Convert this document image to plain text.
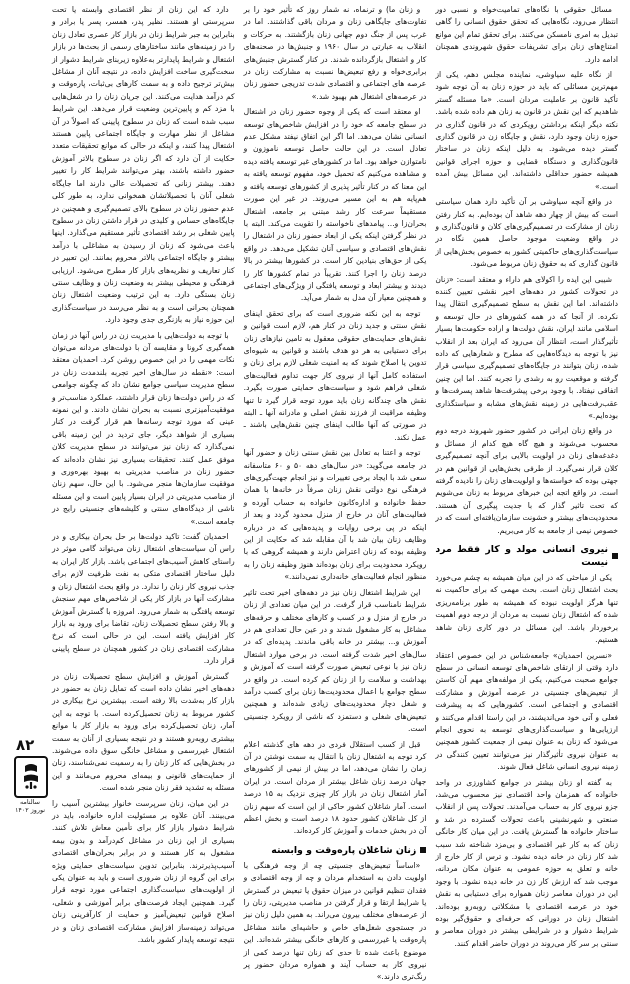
۸۲
سالنامه نوروز ۱۴۰۲

مسائل حقوقی با نگاه‌های تمامیت‌خواه و نسبی دور انتظار می‌رود، نگاه‌هایی که تحقق حقوق انسانی را گاهی تبدیل به امری نامسکن می‌کنند. برای تحقق تمام این موانع امتناع‌های زنان برای تشریفات حقوق شهروندی همچنان ادامه دارد.

از نگاه علیه سیاوشی، نماینده مجلس دهم، یکی از مهم‌ترین مسائلی که باید در حوزه زنان به آن توجه شود تأکید قانون بر عاملیت مردان است. «ما مسئله گستر شاهدیم که این نقش در قانون به زنان هم داده شده باشد. نکته دیگر اینکه برداشتن رویکردی که در قانون گذاری در حوزه زنان وجود دارد، نقش و جایگاه زن در قانون گذاری گستر دیده می‌شود. به دلیل اینکه زنان در ساختار قانون‌گذاری و دستگاه قضایی و حوزه اجرای قوانین همیشه حضور حداقلی داشته‌اند. این مسائل بیش آمده است.»

در واقع آنچه سیاوشی بر آن تأکید دارد همان سیاستی است که بیش از چهار دهه شاهد آن بوده‌ایم. به کنار رفتن زنان از مشارکت در تصمیم‌گیری‌های کلان و قانون‌گذاری و در واقع وضعیت موجود حاصل همین نگاه در سیاست‌گذاری‌های حاکمیتی کشور به خصوص بخش‌هایی از قانون گذاری که به حقوق زنان مربوط می‌شود.

شیبی این ایده را اکولای هم داراء و معتقد است: «زنان در تحولات کشور در دهه‌های اخیر نقشی تعیین کننده داشته‌اند. اما این نقش به سطح تصمیم‌گیری انتقال پیدا نکرده. از آنجا که در همه کشورهای در حال توسعه و اسلامی مانند ایران، نقش دولت‌ها و اراده حکومت‌ها بسیار تأثیرگذار است، انتظار آن می‌رود که ایران بعد از انقلاب نیز با توجه به دیدگاه‌هایی که مطرح و شعارهایی که داده شده، زنان بتوانند در جایگاه‌های تصمیم‌گیری سیاسی قرار گرفته و موقعیت رو به رشدی را تجربه کنند. اما این چنین اتفاقی نیفتاد. با وجود برخی پیشرفت‌ها شاهد پسرفت‌ها و عقب‌رفت‌هایی در زمینه نقش‌های مشابه و سیاستگذاری بوده‌ایم.»

در واقع زنان ایرانی در کشور حضور شهروند درجه دوم محسوب می‌شوند و هیچ گاه هیچ کدام از مسائل و دغدغه‌های زنان در اولویت بالایی برای آنچه تصمیم‌گیری کلان قرار نمی‌گیرد. از طرفی بخش‌هایی از قوانین هم در جهتی بوده که خواسته‌ها و اولویت‌های زنان را نادیده گرفته است. در واقع اتجه این خبرهای مربوط به زنان می‌شویم که تحت تاثیر گذار که با جدیت پیگیری آن هستند. محدودیت‌های بیشتر و خشونت سازمان‌یافته‌ای است که در خصوص نیمی از جامعه به کار می‌بریم.

نیروی انسانی مولد و کار فقط مرد نیست

یکی از مباحثی که در این میان همیشه به چشم می‌خورد بحث اشتغال زنان است. بحث مهمی که برای حاکمیت نه تنها هرگز اولویت نبوده که همیشه به طور برنامه‌ریزی شده که اشتغال زنان نسبت به مردان از درجه دوم اهمیت برخوردار باشد. این مسائل در دور کاری زنان شاهد هستیم.

«نسرین احمدیان» جامعه‌شناس در این خصوص اعتقاد دارد وقتی از ارتقای شاخص‌های توسعه انسانی در سطح جوامع صحبت می‌کنیم، یکی از مولفه‌های مهم آن کاستن از تبعیض‌های جنسیتی در عرصه آموزش و مشارکت اقتصادی و اجتماعی است. کشورهایی که به پیشرفت فعلی و آتی خود می‌اندیشند، در این راستا اقدام می‌کنند و ارزیابی‌ها و سیاست‌گذاری‌های توسعه به نحوی انجام می‌شود که زنان به عنوان نیمی از جمعیت کشور همچنین به عنوان نیروی تأثیرگذار نیز می‌توانند تعیین کنندگی در زمینه نیروی انسانی شاغل فعال شوند.

به گفته او زنان بیشتر در جوامع کشاورزی در واحد خانواده که همزمان واحد اقتصادی نیز محسوب می‌شد، جزو نیروی کار به حساب می‌آمدند. تحولات پس از انقلاب صنعتی و شهرنشینی باعث تحولات گسترده در شد و ساختار خانواده ها گسترش یافت. در این میان کار خانگی زنان که به کار غیر اقتصادی و بی‌مزد شناخته شد سبب شد کار زنان در خانه دیده نشود. و ترس از کار خارج از خانه و تعلق به حوزه عمومی به عنوان مکان مردانه، موجب شد که ارزش کار زن در خانه دیده نشود. با وجود این در دوران معاصر زنان همواره برای دستیابی به نقش خود در عرصه اقتصادی با مشکلاتی روبه‌رو بوده‌اند. اشتغال زنان در دورانی که حرفه‌ای و حقوق‌گیر بوده شرایط دشوار و در شرایطی بیشتر در دوران معاصر و سنتی بر سر کار می‌روند در دوران حاضر اقدام کنند.

و زنان ما) و ترنماه، نه شمار روز که تأثیر خود را بر تفاوت‌های جایگاهی زنان و مردان باقی گذاشتند. اما در غرب پس از جنگ دوم جهانی زنان بازگشتند. به حرکات و انقلاب به عبارتی در سال ۱۹۶۰ و جنبش‌ها در صحنه‌های کار و اشتغال بازگردانده شدند. در کنار گسترش جنبش‌های برابری‌خواه و رفع تبعیض‌ها نسبت به مشارکت زنان در عرصه های اجتماعی و اقتصادی شدت تدریجی حضور زنان در عرصه‌های اشتغال هم بهبود شد.»

او معتقد است که یکی از وجوه حضور زنان در اشتغال در سطح جامعه که خود را در افزایش شاخص‌های توسعه انسانی نشان می‌دهد. اما اگر این اتفاق نیفتد مشکل عدم تعادل است. در این حالت حاصل توسعه ناموزون و نامتوازن خواهد بود. اما در کشورهای غیر توسعه یافته دیده و مشاهده می‌کنیم که تحمیل خود، مفهوم توسعه یافته به این معنا که در کنار تأثیر پذیری از کشورهای توسعه یافته و هم‌پایه هم به این مسیر می‌روند. در غیر این صورت مستقیماً سرعت کار رشد مبتنی بر جامعه، اشتغال بحران‌زا و... پیامدهای ناخواسته را تقویت می‌کند. البته با در نظر گرفتن اینکه یکی از ابعاد حضور زنان در اشتغال را نقش‌های اقتصادی و سیاسی آنان تشکیل می‌دهد. در واقع یکی از حق‌های بنیادین کار است. در کشورها بیشتر در بالا درصد زنان را اجرا کنند. تقریباً در تمام کشورها کار را دیدند و بیشتر ابعاد و توسعه یافتگی از ویژگی‌های اجتماعی و همچنین معیار آن مدل به شمار می‌آید.

توجه به این نکته ضروری است که برای تحقق اینفای نقش سنتی و جدید زنان در کنار هم، لازم است قوانین و نقش‌های حمایت‌های حقوقی معقول به تامین نیازهای زنان برای دستیابی به هر دو هدف باشند و قوانین به شیوه‌ای تدوین یا اصلاح شوند که به امنیت شغلی لازم برای زنان و استفاده کامل آنها از نیروی کار جهت تداوم فعالیت‌های شغلی فراهم شود و سیاست‌های حمایتی صورت بگیرد. نقش های چندگانه زنان باید مورد توجه قرار گیرد تا تنها وظیفه مراقبت از فرزند نقش اصلی و مادرانه آنها ـ البته در صورتی که آنها طالب اینفای چنین نقش‌هایی باشند ـ عمل نکند.

توجه و اعتنا به تعادل بین نقش سنتی زنان و حضور آنها در جامعه می‌گوید: «در سال‌های دهه ۵۰ و ۶۰ متاسفانه سعی شد با ایجاد برخی تغییرات و نیز انجام جهت‌گیری‌های فرهنگی نوع دولتی نقش زنان صرفاً در خانه‌ها با همان حفظ خانواده و اداره‌کانون خانواده به حساب آورده و فعالیت‌های آنان در خارج از منزل محدود گردد و بعد از اینکه در پی برخی روایات و پدیده‌هایی که در درباره وظایف زنان بیان شد با آن مقابله شد که حکایت از این وظیفه بوده که زنان اعتراض دارند و همیشه گروهی که با رویکرد محدودیت برای زنان بوده‌اند هنوز وظیفه زنان را به منظور انجام فعالیت‌های خانه‌داری نمی‌دانند.»

این شرایط اشتغال زنان نیز در دهه‌های اخیر تحت تاثیر شرایط نامناسب قرار گرفت. در این میان تعدادی از زنان در خارج از منزل و در کسب و کارهای مختلف و حرفه‌های مشاغل به کار مشغول شدند و در عین حال تعدادی هم در آموزش و... بیشتر در خانه باقی ماندند. پدیده‌ای که در سال‌های اخیر شدت گرفته است. در برخی موارد اشتغال زنان نیز با نوعی تبعیض صورت گرفته است که آموزش و بهداشت و سلامت را از زنان کم کرده است. در واقع در سطح جوامع با اعمال محدودیت‌ها زنان برای کسب درآمد و شغل دچار محدودیت‌های زیادی شده‌اند و همچنین تبعیض‌های شغلی و دستمزد که ناشی از رویکرد جنسیتی است.

قبل از کسب استقلال فردی در دهه های گذشته اعلام کرد توجه به اشتغال زنان با انتقال به سمت نوشتن در آن زمان را نشان می‌دهد، اما در بیش از نیمی از کشورهای جهان درصد زنان شاغل بیشتر از مردان است. در ایران آمار اشتغال زنان در بازار کار چیزی نزدیک به ۱۵ درصد است. آمار شاغلان کشور حاکی از این است که سهم زنان از کل شاغلان کشور حدود ۱۸ درصد است و بخش اعظم آن در بخش خدمات و آموزش کار کرده‌اند.

زنان شاغلان پاره‌وقت و وابسته

«اساساً تبعیض‌های جنسیتی چه از وجه فرهنگی با اولویت دادن به استخدام مردان و چه از وجه اقتصادی و فقدان تنظیم قوانین در میزان حقوق یا تبعیض در گسترش یا شرایط ارتقا و قرار گرفتن در مناصب مدیریتی، زنان را از عرصه‌های مختلف بیرون می‌راند. به همین دلیل زنان نیز در جستجوی شغل‌های خاص و حاشیه‌ای مانند مشاغل پاره‌وقت یا غیررسمی و کارهای خانگی بیشتر شده‌اند. این موضوع باعث شده تا حدی که زنان تنها درصد کمی از نیروی کار به حساب آیند و همواره مردان حضور پر رنگ‌تری دارند.»

دارد که این زنان از نظر اقتصادی وابسته یا تحت سرپرستی او هستند. نظیر پدر، همسر، پسر یا برادر و بنابراین به جبر شرایط زنان در بازار کار عصری تعادل زنان را در زمینه‌های مانند ساختارهای رسمی از بحث‌ها در بازار اشتغال و شرایط پایدارتر به‌علاوه زیربنای شرایط دشوار از سخت‌گیری ساخت افزایش داده، در نتیجه آنان از مشاغل بیش‌تر ترجیح داده و به سمت کارهای بی‌ثبات، پاره‌وقت و کم درآمد هدایت می‌کنند. این جریان زنان را در شغل‌هایی با مزد کم و پایین‌ترین وضعیت قرار می‌دهد. این شرایط سبب شده است که زنان در سطوح پایینی که اصولاً در آن مشاغل از نظر مهارت و جایگاه اجتماعی پایین هستند اشتغال پیدا کنند، و اینکه در حالی که موانع تحقیقات متعدد حکایت از آن دارد که اگر زنان در سطوح بالاتر آموزش حضور داشته باشند، بهتر می‌توانند شرایط کار را تغییر دهند. بیشتر زنانی که تحصیلات عالی دارند اما جایگاه شغلی آنان با تحصیلاتشان همخوانی ندارد، به طور کلی عدم حضور زنان در سطوح بالای تصمیم‌گیری و همچنین در جایگاه‌های حساس و کلیدی در قرار داشتن زنان در سطوح پایین شغلی بر رشد اقتصادی تأثیر مستقیم می‌گذارد. اینها باعث می‌شود که زنان از رسیدن به مشاغلی با درآمد بیشتر و جایگاه اجتماعی بالاتر محروم بمانند. این تعبیر در کنار تعاریف و نظریه‌های بازار کار مطرح می‌شود. ارزیابی فرهنگی و محیطی بیشتر به وضعیت زنان و وظایف سنتی زنان بستگی دارد. به این ترتیب وضعیت اشتغال زنان همچنان بحرانی است و به نظر می‌رسد در سیاست‌گذاری این حوزه نیاز به بازنگری جدی وجود دارد.

با توجه به دولت‌هایی با مدیریت زن در راس آنها در زمان همه‌گیری کرونا و مقایسه آن با دولت‌های مردانه می‌توان نکات مهمی را در این خصوص روشن کرد. احمدیان معتقد است: «نقطه در سال‌های اخیر تجربه بلندمدت زنان در سطح مدیریت سیاسی جوامع نشان داد که چگونه جوامعی که در راس دولت‌ها زنان قرار داشتند، عملکرد مناسب‌تر و موفقیت‌آمیزتری نسبت به بحران نشان دادند. و این نمونه عینی که مورد توجه رسانه‌ها هم قرار گرفت در کنار بسیاری از شواهد دیگر، جای تردید در این زمینه باقی نمی‌گذارد که زنان نیز می‌توانند در سطح مدیریت کلان موفق عمل کنند. تحقیقات بسیاری نیز نشان داده‌اند که حضور زنان در مناصب مدیریتی به بهبود بهره‌وری و موفقیت سازمان‌ها منجر می‌شود. با این حال، سهم زنان از مناصب مدیریتی در ایران بسیار پایین است و این مسئله ناشی از دیدگاه‌های سنتی و کلیشه‌های جنسیتی رایج در جامعه است.»

احمدیان گفت: تاکید دولت‌ها بر حل بحران بیکاری و در راس آن سیاست‌های اشتغال زنان می‌تواند گامی موثر در راستای کاهش آسیب‌های اجتماعی باشد. بازار کار ایران به دلیل ساختار اقتصادی متکی به نفت ظرفیت لازم برای جذب نیروی کار زنان را ندارد. در واقع بحث اشتغال زنان و مشارکت آنها در بازار کار یکی از شاخص‌های مهم سنجش توسعه یافتگی به شمار می‌رود. امروزه با گسترش آموزش و بالا رفتن سطح تحصیلات زنان، تقاضا برای ورود به بازار کار افزایش یافته است. این در حالی است که نرخ مشارکت اقتصادی زنان در کشور همچنان در سطح پایینی قرار دارد.

گسترش آموزش و افزایش سطح تحصیلات زنان در دهه‌های اخیر نشان داده است که تمایل زنان به حضور در بازار کار به‌شدت بالا رفته است. بیشترین نرخ بیکاری در کشور مربوط به زنان تحصیل‌کرده است. با توجه به این آمار، زنان تحصیل‌کرده برای ورود به بازار کار با موانع بیشتری روبه‌رو هستند و در نتیجه بسیاری از آنان به سمت اشتغال غیررسمی و مشاغل خانگی سوق داده می‌شوند. در بخش‌هایی که کار زنان را به رسمیت نمی‌شناسند، زنان از حمایت‌های قانونی و بیمه‌ای محروم می‌مانند و این مسئله به تشدید فقر زنان منجر شده است.

در این میان، زنان سرپرست خانوار بیشترین آسیب را می‌بینند. آنان علاوه بر مسئولیت اداره خانواده، باید در شرایط دشوار بازار کار برای تأمین معاش تلاش کنند. بسیاری از این زنان در مشاغل کم‌درآمد و بدون بیمه مشغول به کار هستند و در برابر بحران‌های اقتصادی آسیب‌پذیرترند. بنابراین تدوین سیاست‌های حمایتی ویژه برای این گروه از زنان ضروری است و باید به عنوان یکی از اولویت‌های سیاست‌گذاری اجتماعی مورد توجه قرار گیرد. همچنین ایجاد فرصت‌های برابر آموزشی و شغلی، اصلاح قوانین تبعیض‌آمیز و حمایت از کارآفرینی زنان می‌تواند زمینه‌ساز افزایش مشارکت اقتصادی زنان و در نتیجه توسعه پایدار کشور باشد.
